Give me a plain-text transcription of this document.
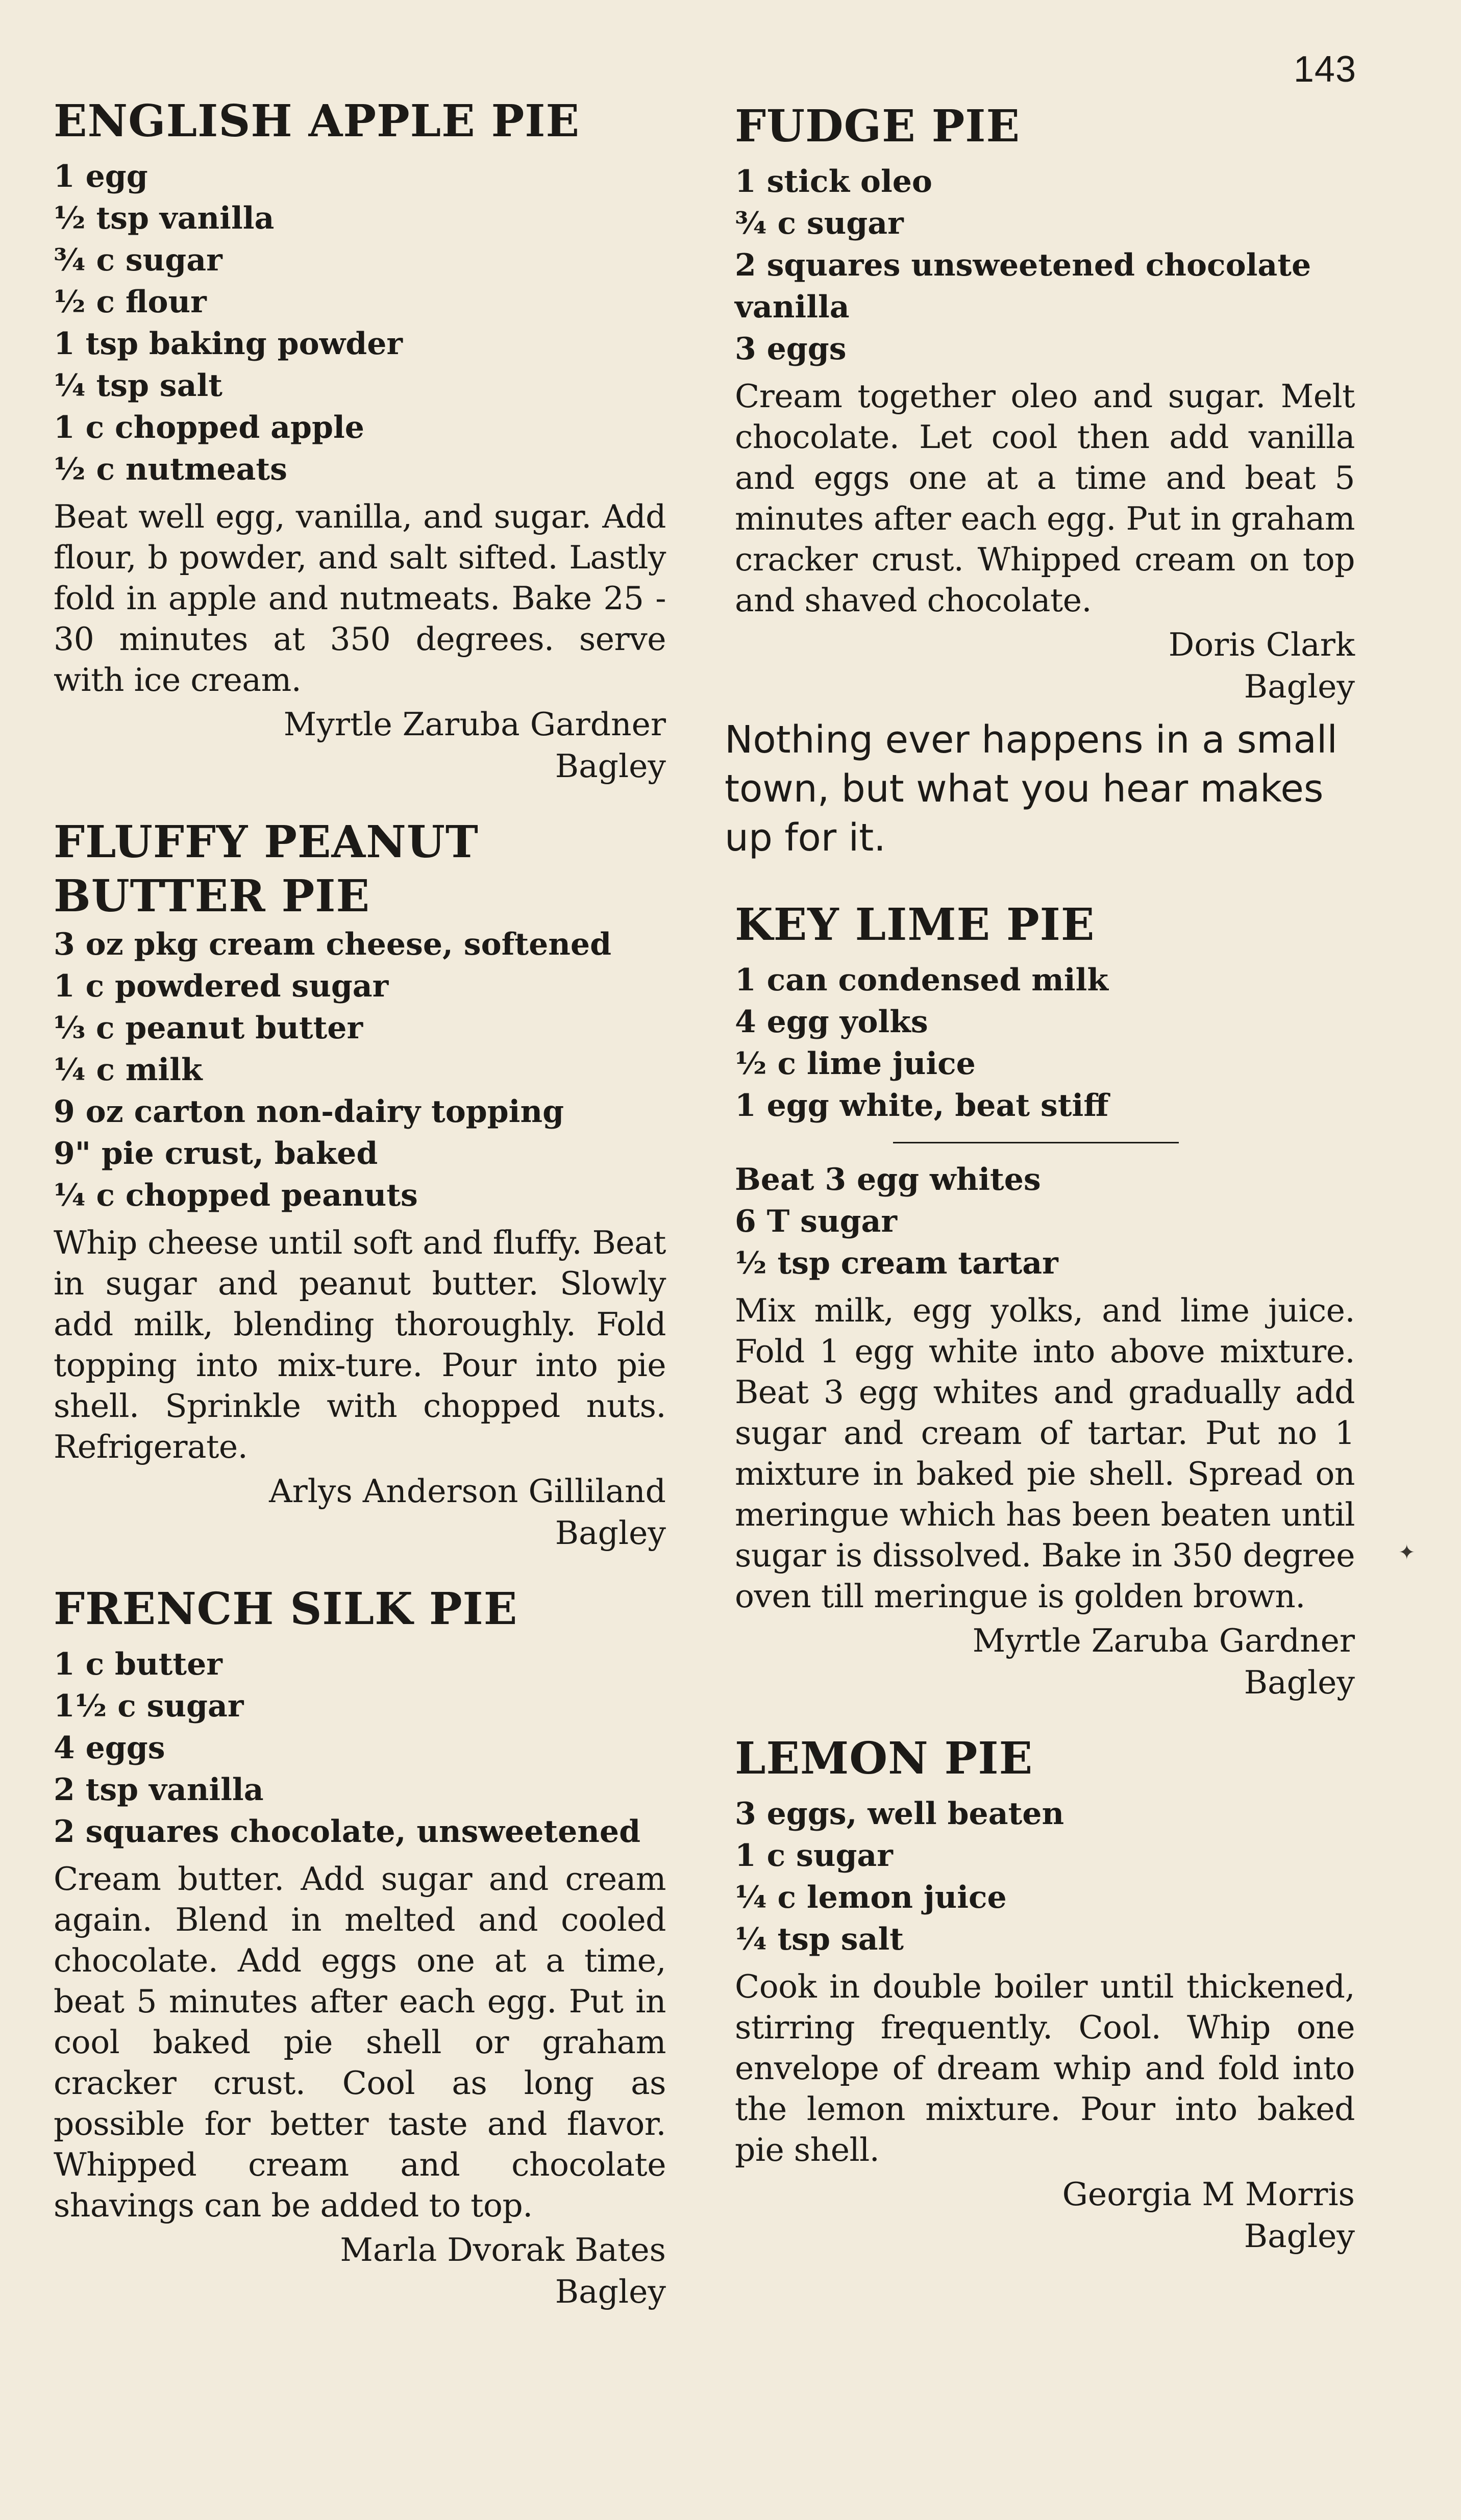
143
ENGLISH APPLE PIE
1 egg
½ tsp vanilla
¾ c sugar
½ c flour
1 tsp baking powder
¼ tsp salt
1 c chopped apple
½ c nutmeats
Beat well egg, vanilla, and sugar. Add flour, b powder, and salt sifted. Lastly fold in apple and nutmeats. Bake 25 - 30 minutes at 350 degrees. serve with ice cream.
Myrtle Zaruba Gardner
Bagley
FLUFFY PEANUT BUTTER PIE
3 oz pkg cream cheese, softened
1 c powdered sugar
⅓ c peanut butter
¼ c milk
9 oz carton non-dairy topping
9" pie crust, baked
¼ c chopped peanuts
Whip cheese until soft and fluffy. Beat in sugar and peanut butter. Slowly add milk, blending thoroughly. Fold topping into mix-ture. Pour into pie shell. Sprinkle with chopped nuts. Refrigerate.
Arlys Anderson Gilliland
Bagley
FRENCH SILK PIE
1 c butter
1½ c sugar
4 eggs
2 tsp vanilla
2 squares chocolate, unsweetened
Cream butter. Add sugar and cream again. Blend in melted and cooled chocolate. Add eggs one at a time, beat 5 minutes after each egg. Put in cool baked pie shell or graham cracker crust. Cool as long as possible for better taste and flavor. Whipped cream and chocolate shavings can be added to top.
Marla Dvorak Bates
Bagley
FUDGE PIE
1 stick oleo
¾ c sugar
2 squares unsweetened chocolate
vanilla
3 eggs
Cream together oleo and sugar. Melt chocolate. Let cool then add vanilla and eggs one at a time and beat 5 minutes after each egg. Put in graham cracker crust. Whipped cream on top and shaved chocolate.
Doris Clark
Bagley
Nothing ever happens in a small town, but what you hear makes up for it.
KEY LIME PIE
1 can condensed milk
4 egg yolks
½ c lime juice
1 egg white, beat stiff
Beat 3 egg whites
6 T sugar
½ tsp cream tartar
Mix milk, egg yolks, and lime juice. Fold 1 egg white into above mixture. Beat 3 egg whites and gradually add sugar and cream of tartar. Put no 1 mixture in baked pie shell. Spread on meringue which has been beaten until sugar is dissolved. Bake in 350 degree oven till meringue is golden brown.
Myrtle Zaruba Gardner
Bagley
LEMON PIE
3 eggs, well beaten
1 c sugar
¼ c lemon juice
¼ tsp salt
Cook in double boiler until thickened, stirring frequently. Cool. Whip one envelope of dream whip and fold into the lemon mixture. Pour into baked pie shell.
Georgia M Morris
Bagley
✦
